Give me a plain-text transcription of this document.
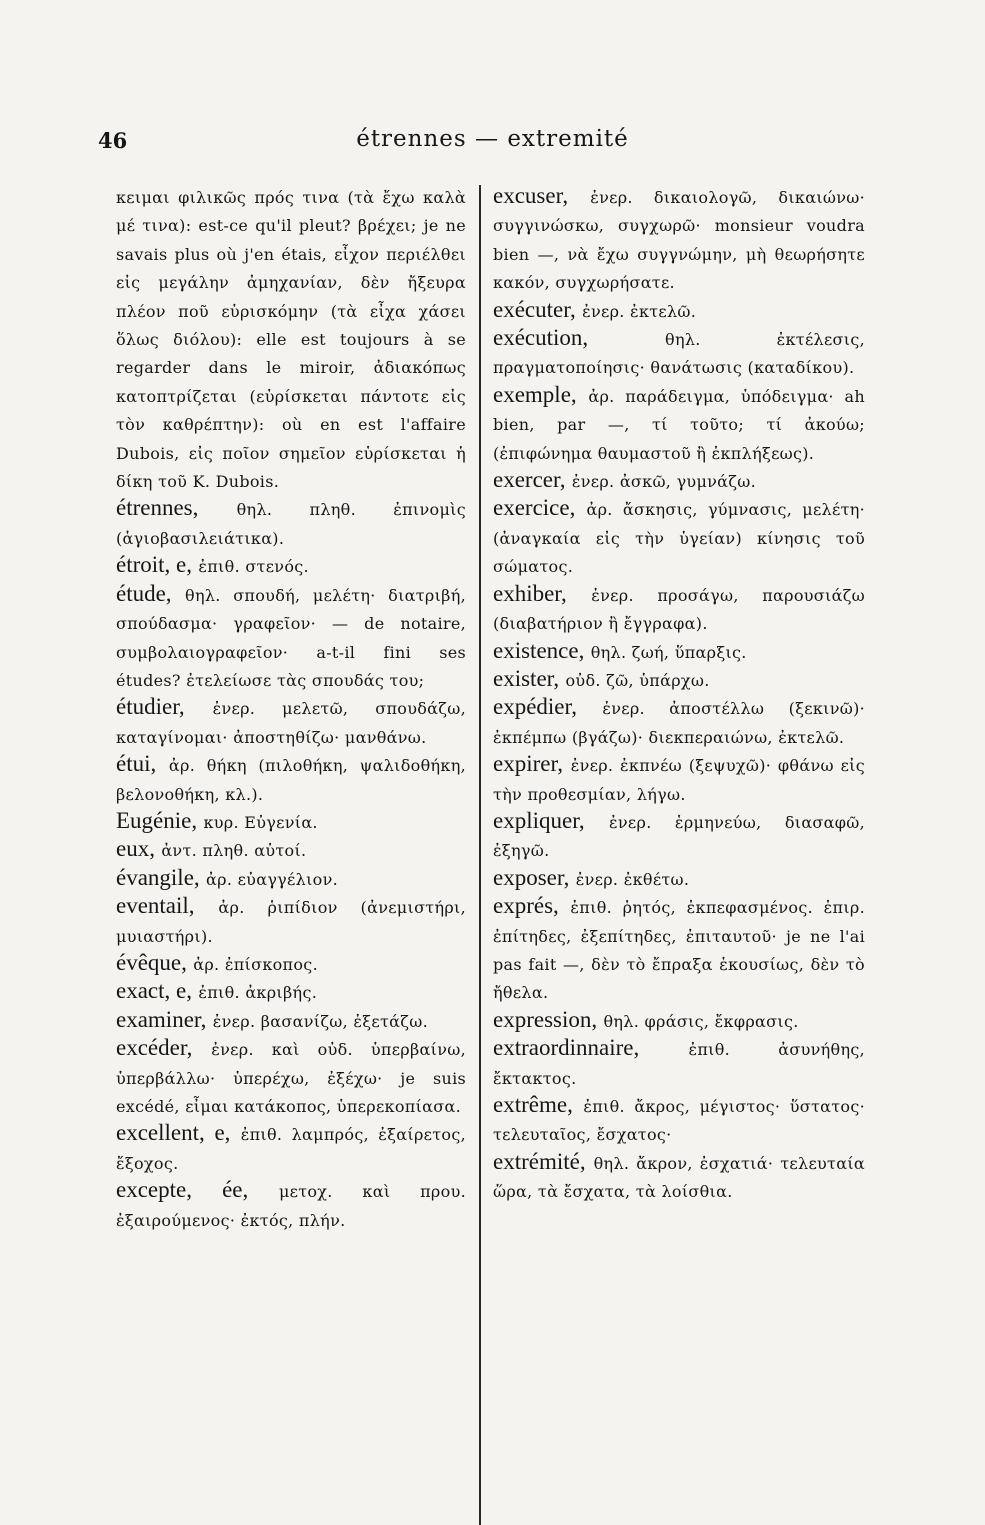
46	étrennes — extremité
κειμαι φιλικῶς πρός τινα (τὰ ἔχω καλὰ μέ τινα): est-ce qu'il pleut? βρέχει; je ne savais plus où j'en étais, εἶχον περιέλθει εἰς μεγάλην ἀμηχανίαν, δὲν ἤξευρα πλέον ποῦ εὑρισκόμην (τὰ εἶχα χάσει ὅλως διόλου): elle est toujours à se regarder dans le miroir, ἀδιακόπως κατοπτρίζεται (εὑρίσκεται πάντοτε εἰς τὸν καθρέπτην): où en est l'affaire Dubois, εἰς ποῖον σημεῖον εὑρίσκεται ἡ δίκη τοῦ K. Dubois.
étrennes, θηλ. πληθ. ἐπινομὶς (ἁγιοβασιλειάτικα).
étroit, e, ἐπιθ. στενός.
étude, θηλ. σπουδή, μελέτη· διατριβή, σπούδασμα· γραφεῖον· — de notaire, συμβολαιογραφεῖον· a-t-il fini ses études? ἐτελείωσε τὰς σπουδάς του;
étudier, ἐνερ. μελετῶ, σπουδάζω, καταγίνομαι· ἀποστηθίζω· μανθάνω.
étui, ἀρ. θήκη (πιλοθήκη, ψαλιδοθήκη, βελονοθήκη, κλ.).
Eugénie, κυρ. Εὐγενία.
eux, ἀντ. πληθ. αὐτοί.
évangile, ἀρ. εὐαγγέλιον.
eventail, ἀρ. ῥιπίδιον (ἀνεμιστήρι, μυιαστήρι).
évêque, ἀρ. ἐπίσκοπος.
exact, e, ἐπιθ. ἀκριβής.
examiner, ἐνερ. βασανίζω, ἐξετάζω.
excéder, ἐνερ. καὶ οὐδ. ὑπερβαίνω, ὑπερβάλλω· ὑπερέχω, ἐξέχω· je suis excédé, εἶμαι κατάκοπος, ὑπερεκοπίασα.
excellent, e, ἐπιθ. λαμπρός, ἐξαίρετος, ἔξοχος.
excepte, ée, μετοχ. καὶ πρου. ἐξαιρούμενος· ἐκτός, πλήν.
excuser, ἐνερ. δικαιολογῶ, δικαιώνω· συγγινώσκω, συγχωρῶ· monsieur voudra bien —, νὰ ἔχω συγγνώμην, μὴ θεωρήσητε κακόν, συγχωρήσατε.
exécuter, ἐνερ. ἐκτελῶ.
exécution,	θηλ. ἐκτέλεσις, πραγματοποίησις· θανάτωσις (καταδίκου).
exemple, ἀρ. παράδειγμα, ὑπόδειγμα· ah bien, par —, τί τοῦτο; τί ἀκούω; (ἐπιφώνημα θαυμαστοῦ ἢ ἐκπλήξεως).
exercer, ἐνερ. ἀσκῶ, γυμνάζω.
exercice, ἀρ. ἄσκησις, γύμνασις, μελέτη· (ἀναγκαία εἰς τὴν ὑγείαν) κίνησις τοῦ σώματος.
exhiber, ἐνερ. προσάγω, παρουσιάζω (διαβατήριον ἢ ἔγγραφα).
existence, θηλ. ζωή, ὕπαρξις.
exister, οὐδ. ζῶ, ὑπάρχω.
expédier, ἐνερ. ἀποστέλλω (ξεκινῶ)· ἐκπέμπω (βγάζω)· διεκπεραιώνω, ἐκτελῶ.
expirer, ἐνερ. ἐκπνέω (ξεψυχῶ)· φθάνω εἰς τὴν προθεσμίαν, λήγω.
expliquer, ἐνερ. ἑρμηνεύω, διασαφῶ, ἐξηγῶ.
exposer, ἐνερ. ἐκθέτω.
exprés, ἐπιθ. ῥητός, ἐκπεφασμένος. ἐπιρ. ἐπίτηδες, ἐξεπίτηδες, ἐπιταυτοῦ· je ne l'ai pas fait —, δὲν τὸ ἔπραξα ἑκουσίως, δὲν τὸ ἤθελα.
expression, θηλ. φράσις, ἔκφρασις.
extraordinnaire,	ἐπιθ. ἀσυνήθης, ἔκτακτος.
extrême, ἐπιθ. ἄκρος, μέγιστος· ὕστατος· τελευταῖος, ἔσχατος·
extrémité, θηλ. ἄκρον, ἐσχατιά· τελευταία ὥρα, τὰ ἔσχατα, τὰ λοίσθια.
